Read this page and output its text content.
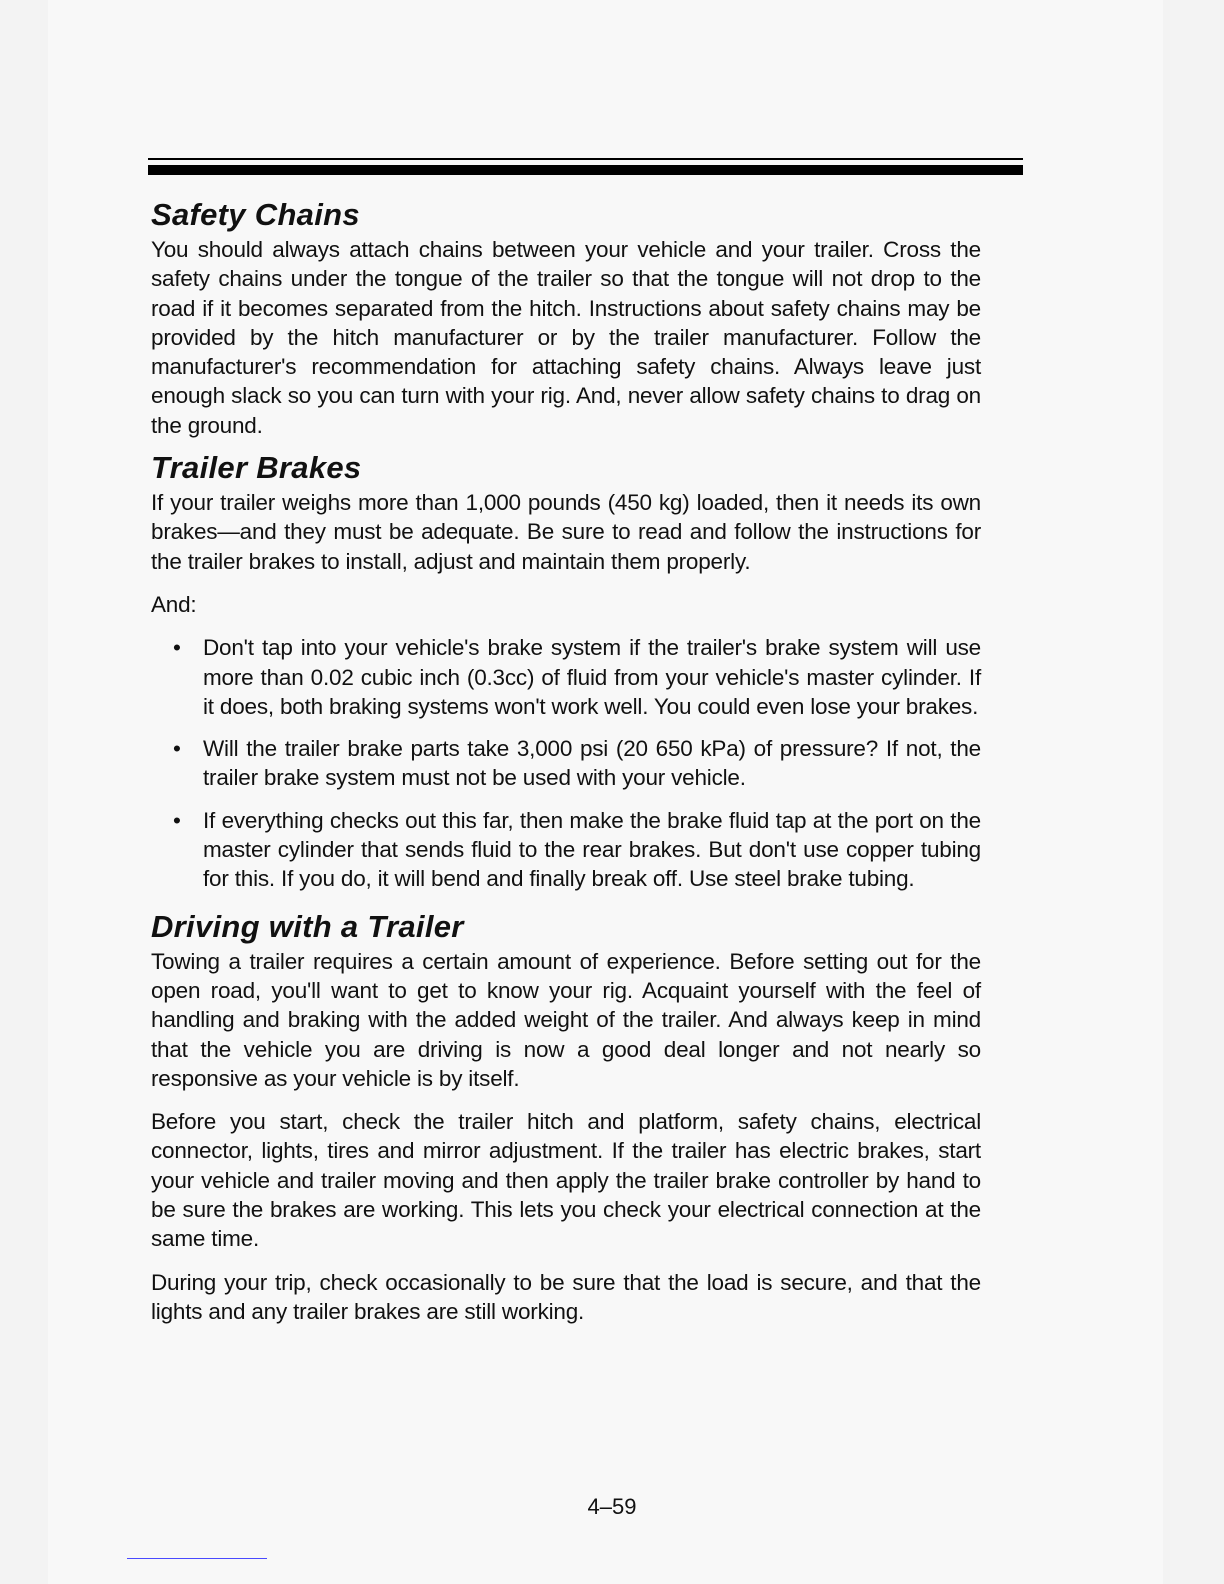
Safety Chains

You should always attach chains between your vehicle and your trailer. Cross the safety chains under the tongue of the trailer so that the tongue will not drop to the road if it becomes separated from the hitch. Instructions about safety chains may be provided by the hitch manufacturer or by the trailer manufacturer. Follow the manufacturer's recommendation for attaching safety chains. Always leave just enough slack so you can turn with your rig. And, never allow safety chains to drag on the ground.

Trailer Brakes

If your trailer weighs more than 1,000 pounds (450 kg) loaded, then it needs its own brakes—and they must be adequate. Be sure to read and follow the instructions for the trailer brakes to install, adjust and maintain them properly.

And:

• Don't tap into your vehicle's brake system if the trailer's brake system will use more than 0.02 cubic inch (0.3cc) of fluid from your vehicle's master cylinder. If it does, both braking systems won't work well. You could even lose your brakes.
• Will the trailer brake parts take 3,000 psi (20 650 kPa) of pressure? If not, the trailer brake system must not be used with your vehicle.
• If everything checks out this far, then make the brake fluid tap at the port on the master cylinder that sends fluid to the rear brakes. But don't use copper tubing for this. If you do, it will bend and finally break off. Use steel brake tubing.
Driving with a Trailer

Towing a trailer requires a certain amount of experience. Before setting out for the open road, you'll want to get to know your rig. Acquaint yourself with the feel of handling and braking with the added weight of the trailer. And always keep in mind that the vehicle you are driving is now a good deal longer and not nearly so responsive as your vehicle is by itself.

Before you start, check the trailer hitch and platform, safety chains, electrical connector, lights, tires and mirror adjustment. If the trailer has electric brakes, start your vehicle and trailer moving and then apply the trailer brake controller by hand to be sure the brakes are working. This lets you check your electrical connection at the same time.

During your trip, check occasionally to be sure that the load is secure, and that the lights and any trailer brakes are still working.

4–59
